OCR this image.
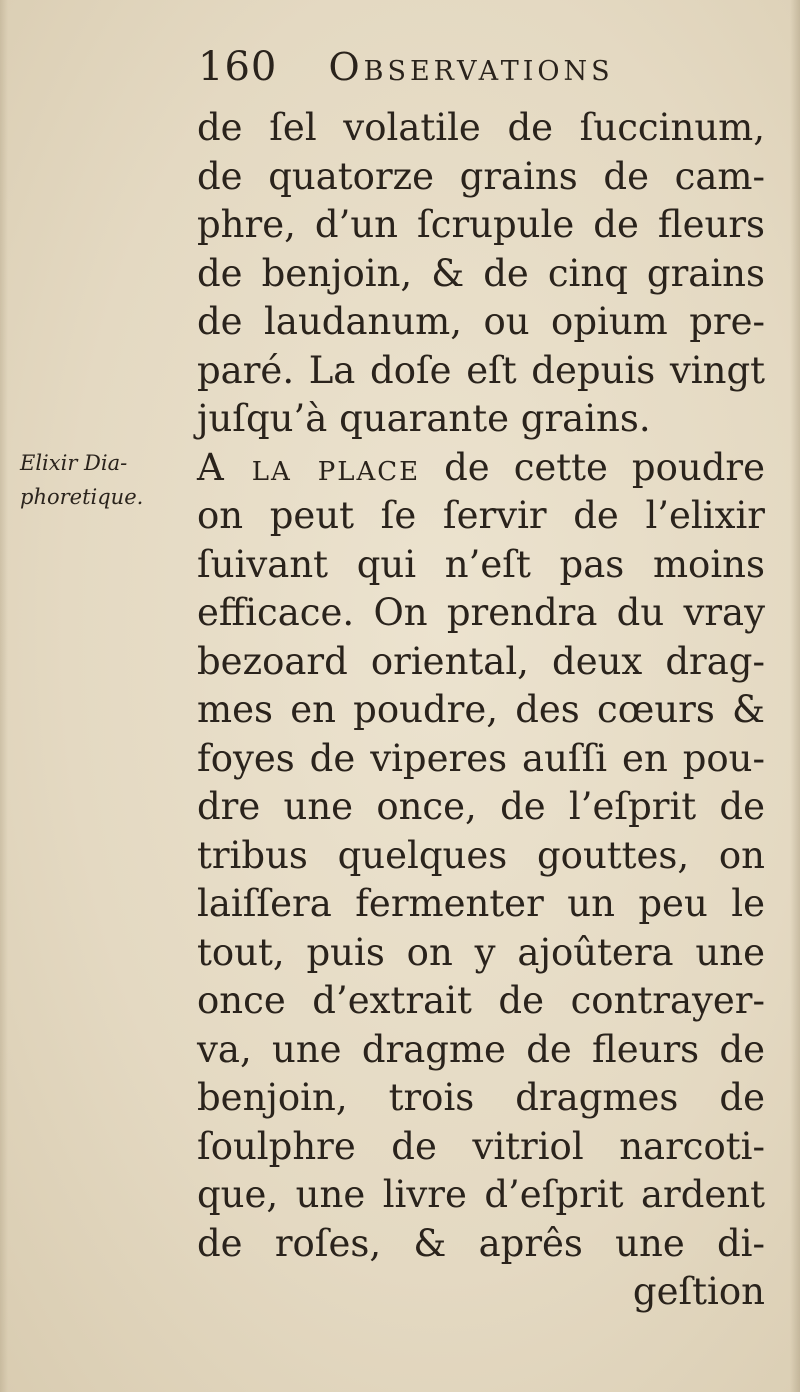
160 Observations
Elixir Dia-
phoretique.
de ſel volatile de ſuccinum,
de quatorze grains de cam-
phre, d’un ſcrupule de fleurs
de benjoin, & de cinq grains
de laudanum, ou opium pre-
paré. La doſe eſt depuis vingt
juſqu’à quarante grains.
A la place de cette poudre
on peut ſe ſervir de l’elixir
ſuivant qui n’eſt pas moins
efficace. On prendra du vray
bezoard oriental, deux drag-
mes en poudre, des cœurs &
foyes de viperes auſſi en pou-
dre une once, de l’eſprit de
tribus quelques gouttes, on
laiſſera fermenter un peu le
tout, puis on y ajoûtera une
once d’extrait de contrayer-
va, une dragme de fleurs de
benjoin, trois dragmes de
ſoulphre de vitriol narcoti-
que, une livre d’eſprit ardent
de roſes, & aprês une di-
geſtion
